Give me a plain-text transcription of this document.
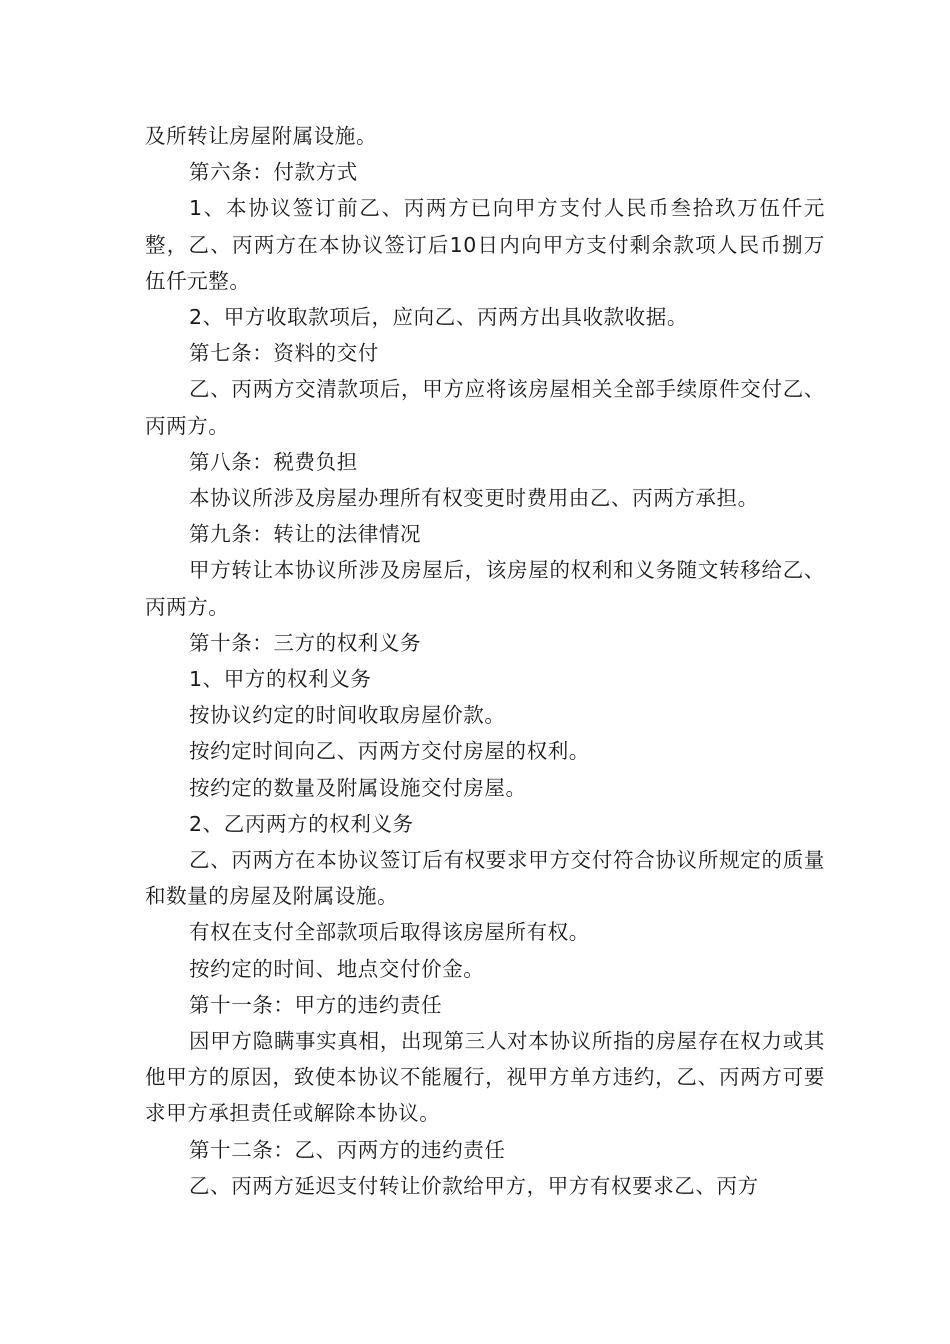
及所转让房屋附属设施。

第六条：付款方式

1、本协议签订前乙、丙两方已向甲方支付人民币叁拾玖万伍仟元整，乙、丙两方在本协议签订后10日内向甲方支付剩余款项人民币捌万伍仟元整。

2、甲方收取款项后，应向乙、丙两方出具收款收据。

第七条：资料的交付

乙、丙两方交清款项后，甲方应将该房屋相关全部手续原件交付乙、丙两方。

第八条：税费负担

本协议所涉及房屋办理所有权变更时费用由乙、丙两方承担。

第九条：转让的法律情况

甲方转让本协议所涉及房屋后，该房屋的权利和义务随文转移给乙、丙两方。

第十条：三方的权利义务

1、甲方的权利义务

按协议约定的时间收取房屋价款。

按约定时间向乙、丙两方交付房屋的权利。

按约定的数量及附属设施交付房屋。

2、乙丙两方的权利义务

乙、丙两方在本协议签订后有权要求甲方交付符合协议所规定的质量和数量的房屋及附属设施。

有权在支付全部款项后取得该房屋所有权。

按约定的时间、地点交付价金。

第十一条：甲方的违约责任

因甲方隐瞒事实真相，出现第三人对本协议所指的房屋存在权力或其他甲方的原因，致使本协议不能履行，视甲方单方违约，乙、丙两方可要求甲方承担责任或解除本协议。

第十二条：乙、丙两方的违约责任

乙、丙两方延迟支付转让价款给甲方，甲方有权要求乙、丙方
